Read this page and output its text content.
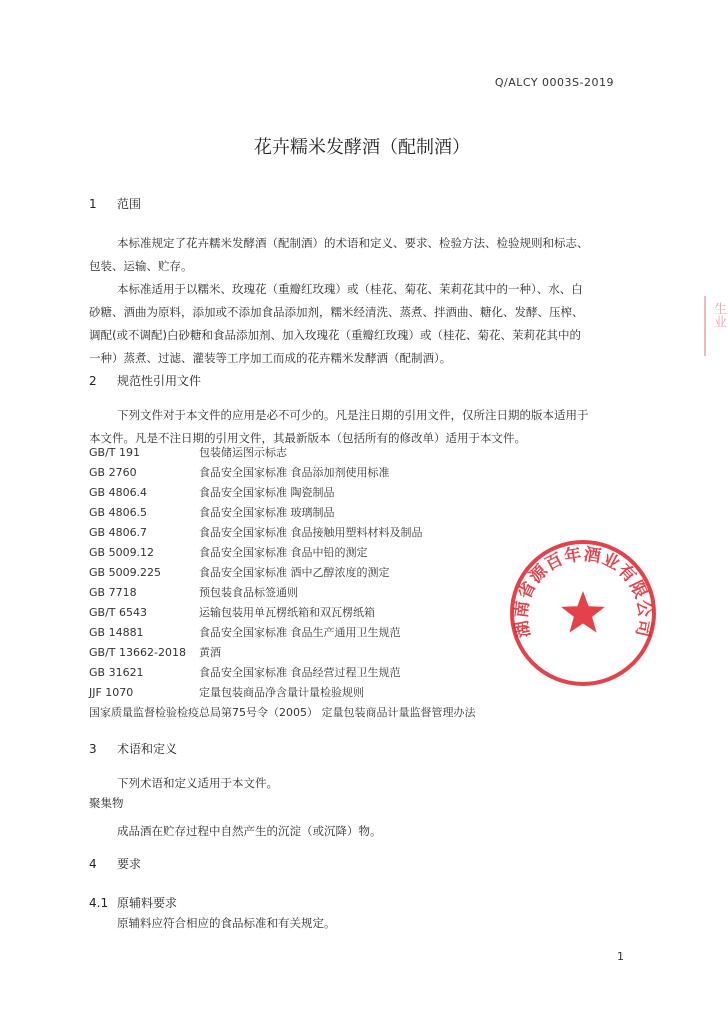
Q/ALCY 0003S-2019
花卉糯米发酵酒（配制酒）
1 范围
本标准规定了花卉糯米发酵酒（配制酒）的术语和定义、要求、检验方法、检验规则和标志、
包装、运输、贮存。
本标准适用于以糯米、玫瑰花（重瓣红玫瑰）或（桂花、菊花、茉莉花其中的一种）、水、白
砂糖、酒曲为原料，添加或不添加食品添加剂，糯米经清洗、蒸煮、拌酒曲、糖化、发酵、压榨、
调配(或不调配)白砂糖和食品添加剂、加入玫瑰花（重瓣红玫瑰）或（桂花、菊花、茉莉花其中的
一种）蒸煮、过滤、灌装等工序加工而成的花卉糯米发酵酒（配制酒）。
2 规范性引用文件
下列文件对于本文件的应用是必不可少的。凡是注日期的引用文件，仅所注日期的版本适用于
本文件。凡是不注日期的引用文件，其最新版本（包括所有的修改单）适用于本文件。
GB/T 191	包装储运图示标志
GB 2760	食品安全国家标准 食品添加剂使用标准
GB 4806.4	食品安全国家标准 陶瓷制品
GB 4806.5	食品安全国家标准 玻璃制品
GB 4806.7	食品安全国家标准 食品接触用塑料材料及制品
GB 5009.12	食品安全国家标准 食品中铅的测定
GB 5009.225	食品安全国家标准 酒中乙醇浓度的测定
GB 7718	预包装食品标签通则
GB/T 6543	运输包装用单瓦楞纸箱和双瓦楞纸箱
GB 14881	食品安全国家标准 食品生产通用卫生规范
GB/T 13662-2018	黄酒
GB 31621	食品安全国家标准 食品经营过程卫生规范
JJF 1070	定量包装商品净含量计量检验规则
国家质量监督检验检疫总局第75号令（2005） 定量包装商品计量监督管理办法
3 术语和定义
下列术语和定义适用于本文件。
聚集物
成品酒在贮存过程中自然产生的沉淀（或沉降）物。
4 要求
4.1 原辅料要求
原辅料应符合相应的食品标准和有关规定。
湖南省源百年酒业有限公司
生业
1
